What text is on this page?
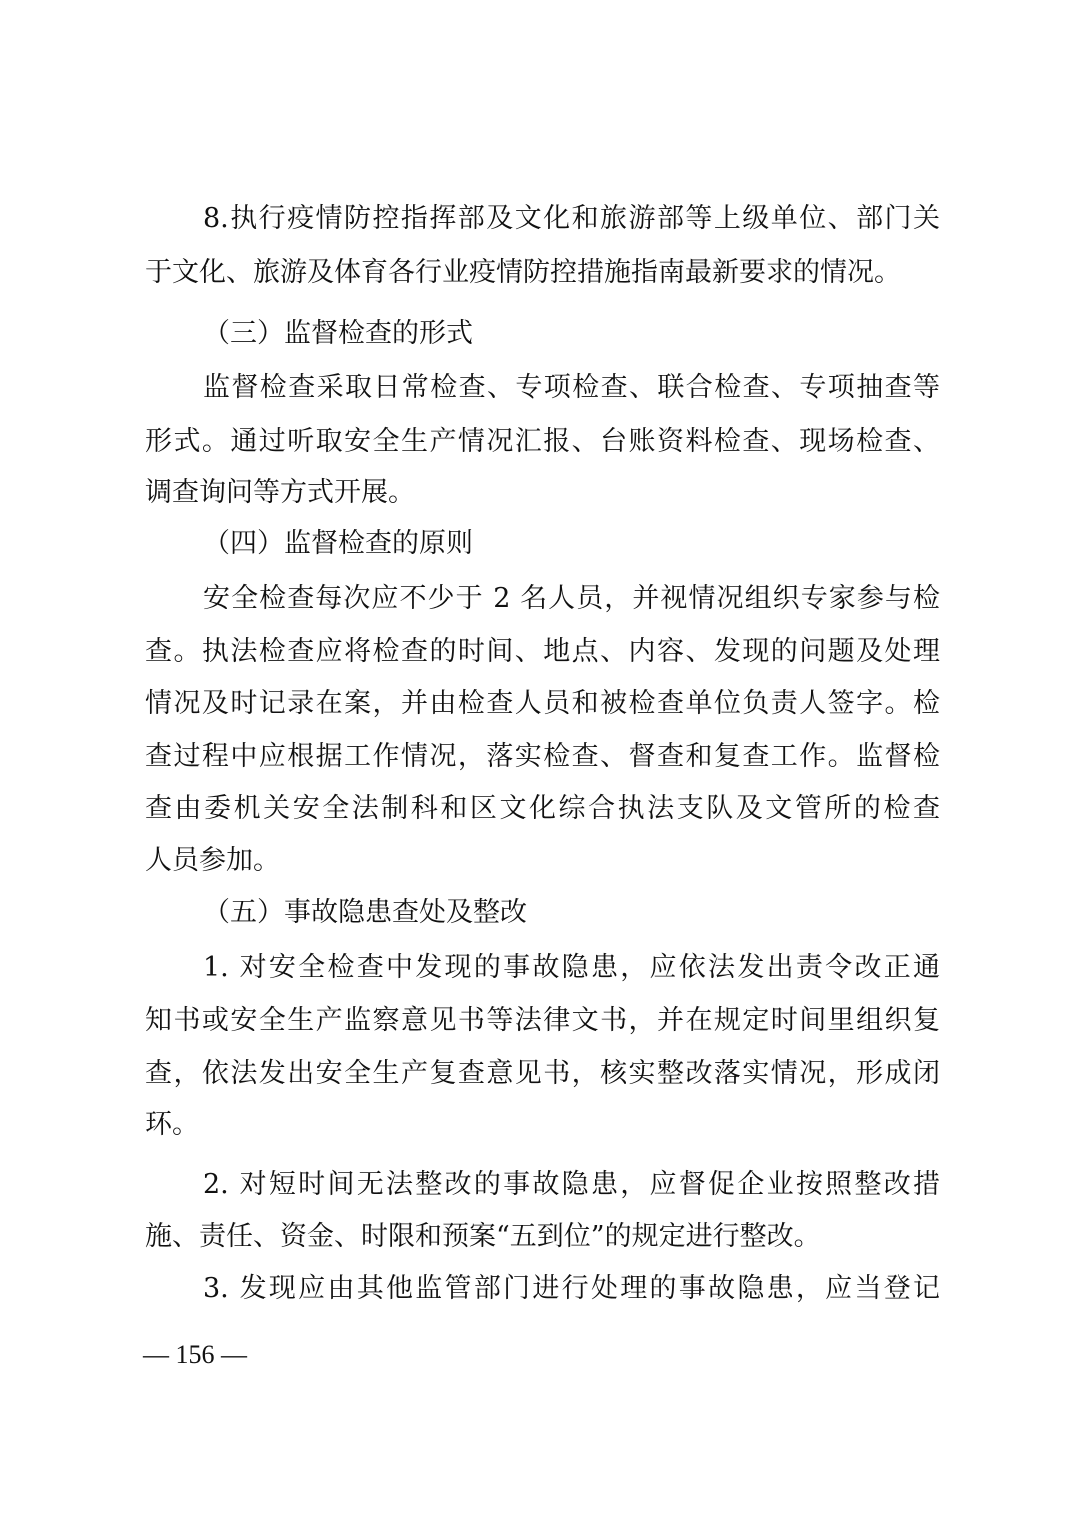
8.执行疫情防控指挥部及文化和旅游部等上级单位、部门关
于文化、旅游及体育各行业疫情防控措施指南最新要求的情况。
（三）监督检查的形式
监督检查采取日常检查、专项检查、联合检查、专项抽查等
形式。通过听取安全生产情况汇报、台账资料检查、现场检查、
调查询问等方式开展。
（四）监督检查的原则
安全检查每次应不少于 2 名人员，并视情况组织专家参与检
查。执法检查应将检查的时间、地点、内容、发现的问题及处理
情况及时记录在案，并由检查人员和被检查单位负责人签字。检
查过程中应根据工作情况，落实检查、督查和复查工作。监督检
查由委机关安全法制科和区文化综合执法支队及文管所的检查
人员参加。
（五）事故隐患查处及整改
1. 对安全检查中发现的事故隐患，应依法发出责令改正通
知书或安全生产监察意见书等法律文书，并在规定时间里组织复
查，依法发出安全生产复查意见书，核实整改落实情况，形成闭
环。
2. 对短时间无法整改的事故隐患，应督促企业按照整改措
施、责任、资金、时限和预案“五到位”的规定进行整改。
3. 发现应由其他监管部门进行处理的事故隐患，应当登记
— 156 —
